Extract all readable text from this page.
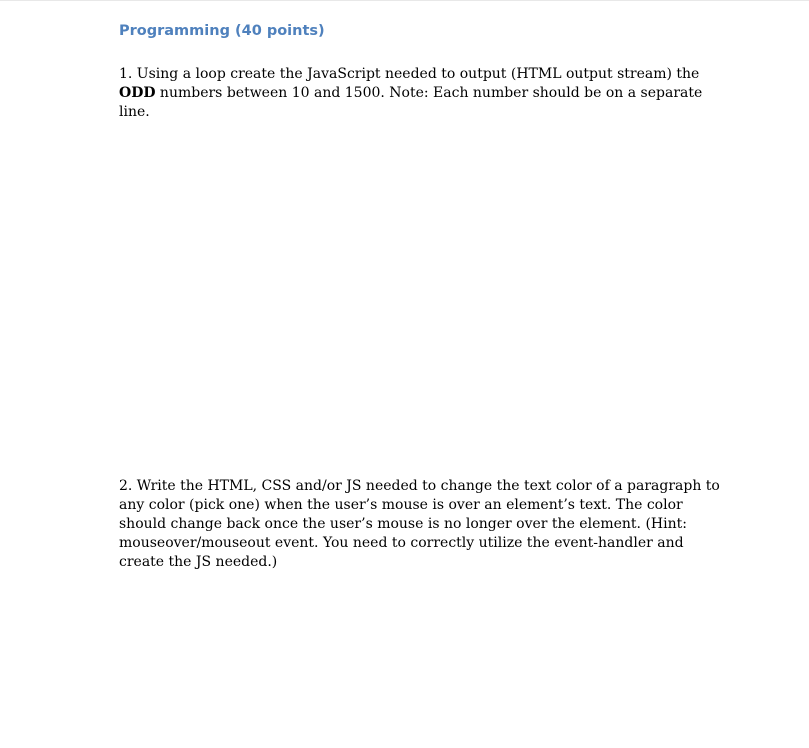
Programming (40 points)

1. Using a loop create the JavaScript needed to output (HTML output stream) the
ODD numbers between 10 and 1500. Note: Each number should be on a separate
line.

2. Write the HTML, CSS and/or JS needed to change the text color of a paragraph to
any color (pick one) when the user’s mouse is over an element’s text. The color
should change back once the user’s mouse is no longer over the element. (Hint:
mouseover/mouseout event. You need to correctly utilize the event-handler and
create the JS needed.)
